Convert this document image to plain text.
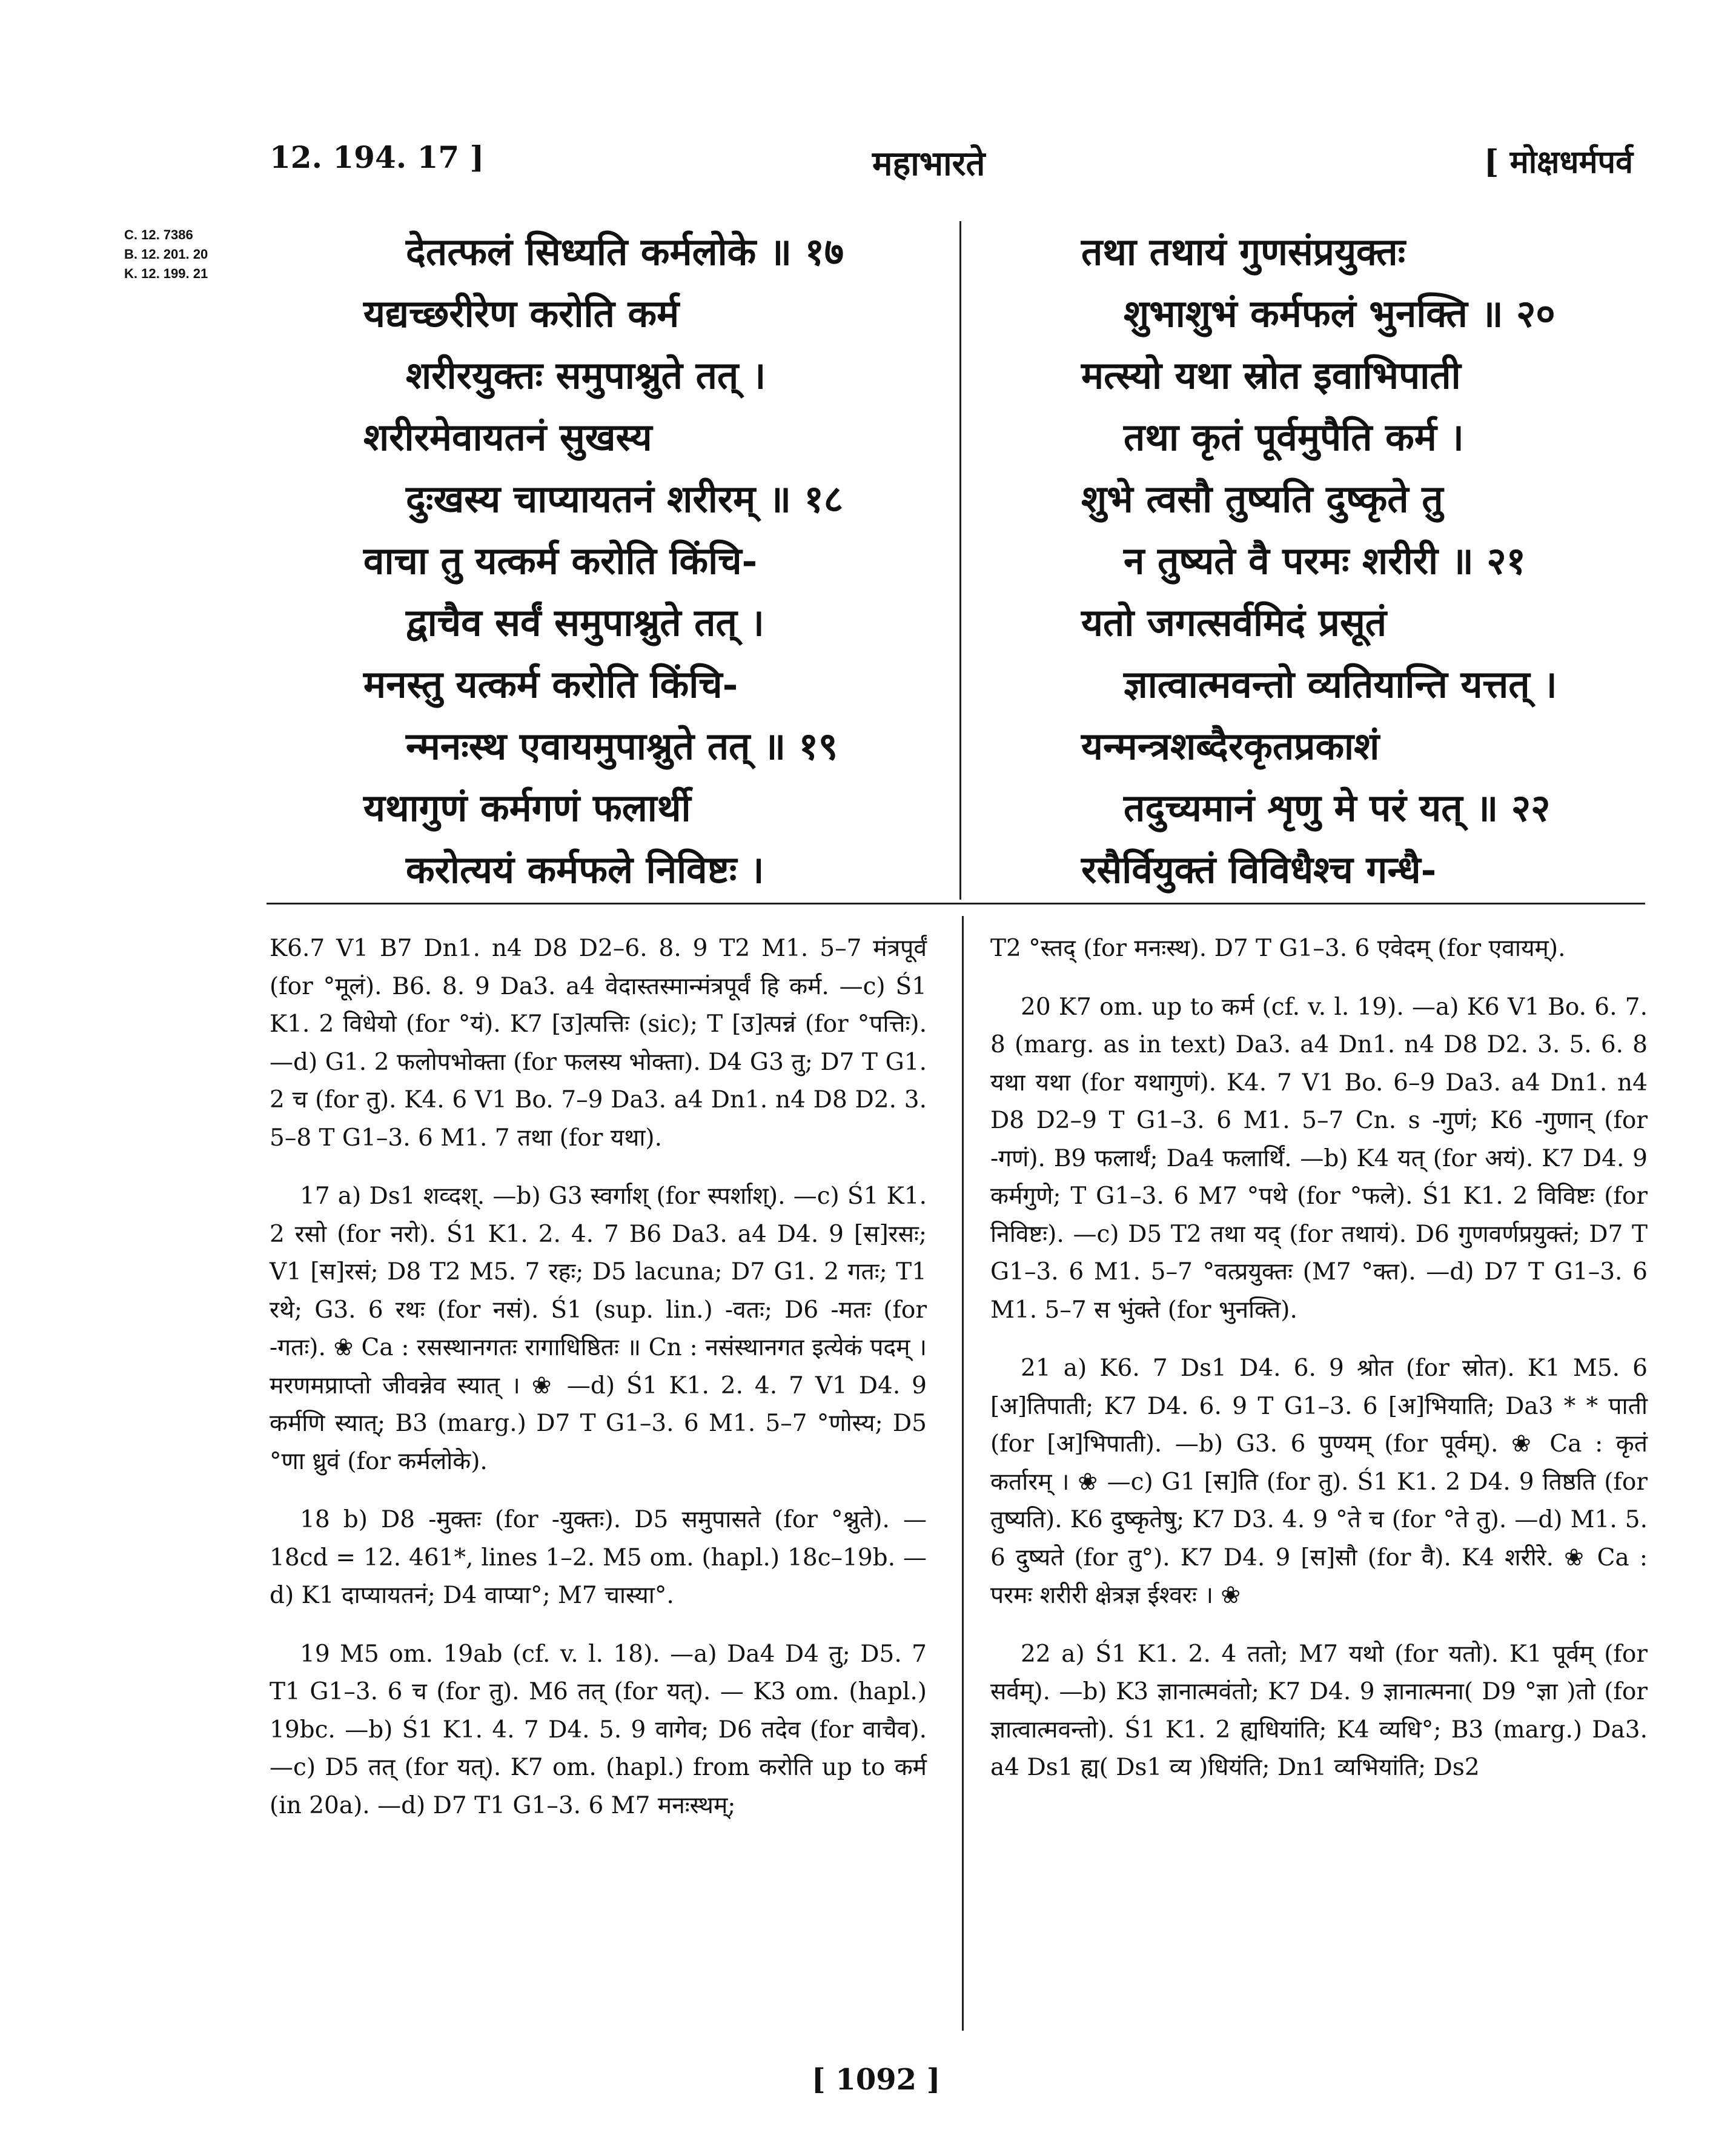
12. 194. 17 ]	महाभारते	[ मोक्षधर्मपर्व
C. 12. 7386
B. 12. 201. 20
K. 12. 199. 21	देतत्फलं सिध्यति कर्मलोके ॥ १७
यद्यच्छरीरेण करोति कर्म
शरीरयुक्तः समुपाश्नुते तत् ।
शरीरमेवायतनं सुखस्य
दुःखस्य चाप्यायतनं शरीरम् ॥ १८
वाचा तु यत्कर्म करोति किंचि-
द्वाचैव सर्वं समुपाश्नुते तत् ।
मनस्तु यत्कर्म करोति किंचि-
न्मनःस्थ एवायमुपाश्नुते तत् ॥ १९
यथागुणं कर्मगणं फलार्थी
करोत्ययं कर्मफले निविष्टः ।
तथा तथायं गुणसंप्रयुक्तः
शुभाशुभं कर्मफलं भुनक्ति ॥ २०
मत्स्यो यथा स्रोत इवाभिपाती
तथा कृतं पूर्वमुपैति कर्म ।
शुभे त्वसौ तुष्यति दुष्कृते तु
न तुष्यते वै परमः शरीरी ॥ २१
यतो जगत्सर्वमिदं प्रसूतं
ज्ञात्वात्मवन्तो व्यतियान्ति यत्तत् ।
यन्मन्त्रशब्दैरकृतप्रकाशं
तदुच्यमानं शृणु मे परं यत् ॥ २२
रसैर्वियुक्तं विविधैश्च गन्धै-

K6.7 V1 B7 Dn1. n4 D8 D2–6. 8. 9 T2 M1. 5–7 मंत्रपूर्वं (for °मूलं). B6. 8. 9 Da3. a4 वेदास्तस्मान्मंत्रपूर्वं हि कर्म. —c) Ś1 K1. 2 विधेयो (for °यं). K7 [उ]त्पत्तिः (sic); T [उ]त्पन्नं (for °पत्तिः). —d) G1. 2 फलोपभोक्ता (for फलस्य भोक्ता). D4 G3 तु; D7 T G1. 2 च (for तु). K4. 6 V1 Bo. 7–9 Da3. a4 Dn1. n4 D8 D2. 3. 5–8 T G1–3. 6 M1. 7 तथा (for यथा).

17 a) Ds1 शव्दश्. —b) G3 स्वर्गाश् (for स्पर्शाश्). —c) Ś1 K1. 2 रसो (for नरो). Ś1 K1. 2. 4. 7 B6 Da3. a4 D4. 9 [स]रसः; V1 [स]रसं; D8 T2 M5. 7 रहः; D5 lacuna; D7 G1. 2 गतः; T1 रथे; G3. 6 रथः (for नसं). Ś1 (sup. lin.) -वतः; D6 -मतः (for -गतः). ❀ Ca : रसस्थानगतः रागाधिष्ठितः ॥ Cn : नसंस्थानगत इत्येकं पदम् । मरणमप्राप्तो जीवन्नेव स्यात् । ❀ —d) Ś1 K1. 2. 4. 7 V1 D4. 9 कर्मणि स्यात्; B3 (marg.) D7 T G1–3. 6 M1. 5–7 °णोस्य; D5 °णा ध्रुवं (for कर्मलोके).

18 b) D8 -मुक्तः (for -युक्तः). D5 समुपासते (for °श्नुते). — 18cd = 12. 461*, lines 1–2. M5 om. (hapl.) 18c–19b. —d) K1 दाप्यायतनं; D4 वाप्या°; M7 चास्या°.

19 M5 om. 19ab (cf. v. l. 18). —a) Da4 D4 तु; D5. 7 T1 G1–3. 6 च (for तु). M6 तत् (for यत्). — K3 om. (hapl.) 19bc. —b) Ś1 K1. 4. 7 D4. 5. 9 वागेव; D6 तदेव (for वाचैव). —c) D5 तत् (for यत्). K7 om. (hapl.) from करोति up to कर्म (in 20a). —d) D7 T1 G1–3. 6 M7 मनःस्थम्;

T2 °स्तद् (for मनःस्थ). D7 T G1–3. 6 एवेदम् (for एवायम्).

20 K7 om. up to कर्म (cf. v. l. 19). —a) K6 V1 Bo. 6. 7. 8 (marg. as in text) Da3. a4 Dn1. n4 D8 D2. 3. 5. 6. 8 यथा यथा (for यथागुणं). K4. 7 V1 Bo. 6–9 Da3. a4 Dn1. n4 D8 D2–9 T G1–3. 6 M1. 5–7 Cn. s -गुणं; K6 -गुणान् (for -गणं). B9 फलार्थं; Da4 फलार्थिं. —b) K4 यत् (for अयं). K7 D4. 9 कर्मगुणे; T G1–3. 6 M7 °पथे (for °फले). Ś1 K1. 2 विविष्टः (for निविष्टः). —c) D5 T2 तथा यद् (for तथायं). D6 गुणवर्णप्रयुक्तं; D7 T G1–3. 6 M1. 5–7 °वत्प्रयुक्तः (M7 °क्त). —d) D7 T G1–3. 6 M1. 5–7 स भुंक्ते (for भुनक्ति).

21 a) K6. 7 Ds1 D4. 6. 9 श्रोत (for स्रोत). K1 M5. 6 [अ]तिपाती; K7 D4. 6. 9 T G1–3. 6 [अ]भियाति; Da3 * * पाती (for [अ]भिपाती). —b) G3. 6 पुण्यम् (for पूर्वम्). ❀ Ca : कृतं कर्तारम् । ❀ —c) G1 [स]ति (for तु). Ś1 K1. 2 D4. 9 तिष्ठति (for तुष्यति). K6 दुष्कृतेषु; K7 D3. 4. 9 °ते च (for °ते तु). —d) M1. 5. 6 दुष्यते (for तु°). K7 D4. 9 [स]सौ (for वै). K4 शरीरे. ❀ Ca : परमः शरीरी क्षेत्रज्ञ ईश्वरः । ❀

22 a) Ś1 K1. 2. 4 ततो; M7 यथो (for यतो). K1 पूर्वम् (for सर्वम्). —b) K3 ज्ञानात्मवंतो; K7 D4. 9 ज्ञानात्मना( D9 °ज्ञा )तो (for ज्ञात्वात्मवन्तो). Ś1 K1. 2 ह्यधियांति; K4 व्यधि°; B3 (marg.) Da3. a4 Ds1 ह्य( Ds1 व्य )धियंति; Dn1 व्यभियांति; Ds2

[ 1092 ]
